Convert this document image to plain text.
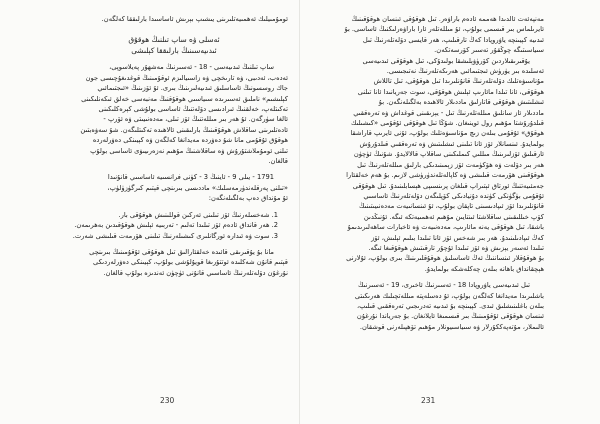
ئومۇمىيلىك ئەھمىيەتلىرىنى يىشىپ بېرىش ئاساسىدا بارلىققا كەلگەن.

ئەسلى ۋە ساپ تىلنىڭ ھوقۇق

ئىدىيەسىنىڭ بارلىققا كېلىشى

ساپ تىلنىڭ ئىدىيەسى - 18 - ئەسىرنىڭ مەشھۇر پەيلاسوپى،

ئەدەب، ئەدىبى، ۋە تارىخچى ۋە زاسىيالىزم ئوقۇمىنىڭ قوغدىغۇچىسى جون

جاك روسسونىڭ ئاساسلىق ئىدىيەلىرىنىڭ بىرى. ئۇ ئۆزىنىڭ «ئىجتىمائىي

كېلىشىم» ناملىق ئەسىرىدە سىياسىي ھوقۇقنىڭ مەنبەسى خەلق ئىكەنلىكىنى

تەكىتلەپ، خەلقنىڭ ئىرادىسى دۆلەتنىڭ ئاساسى بولۇشى كېرەكلىكىنى

ئالغا سۈرگەن. ئۇ ھەر بىر مىللەتنىڭ ئۆز تىلى، مەدەنىيىتى ۋە ئۆرپ -

ئادەتلىرىنى ساقلاش ھوقۇقىنىڭ بارلىقىنى ئالاھىدە تەكىتلىگەن. شۇ سەۋەبتىن

ھوقۇق ئۇقۇمى مانا شۇ دەۋردە مەيدانغا كەلگەن ۋە كېيىنكى دەۋرلەردە

تىلنى ئومۇملاشتۇرۇش ۋە ساقلاشنىڭ مۇھىم نەزەرىيىۋى ئاساسى بولۇپ

قالغان.

1791 - يىلى 9 - ئاينىڭ 3 - كۈنى فرانسىيە ئاساسىي قانۇنىدا

«تىلنى پەرقلەندۈرمەسلىك» ماددىسى بىرىنچى قېتىم كىرگۈزۈلۈپ،

ئۇ مۇنداق دەپ بەلگىلەنگەن:

1. شەخسلەرنىڭ ئۆز تىلىنى ئەركىن قوللىنىش ھوقۇقى بار.

2. ھەر قانداق ئادەم ئۆز تىلىدا تەلىم - تەربىيە ئېلىش ھوقۇقىدىن بەھرىمەن.

3. سوت ۋە ئىدارە ئورگانلىرى كىشىلەرنىڭ تىلىنى ھۆرمەت قىلىشى شەرت.

مانا بۇ يۇقىرىقى قائىدە خەلقئارالىق تىل ھوقۇقى ئۇقۇمىنىڭ بىرىنچى

قېتىم قانۇن شەكلىدە ئوتتۇرىغا قويۇلۇشى بولۇپ، كېيىنكى دەۋرلەردىكى

نۇرغۇن دۆلەتلەرنىڭ ئاساسىي قانۇنى ئۈچۈن ئەندىزە بولۇپ قالغان.

230

مەنپەئەت ئالدىدا ھەممە ئادەم باراۋەر. تىل ھوقۇقى ئىنسان ھوقۇقىنىڭ

ئايرىلماس بىر قىسمى بولۇپ، ئۇ مىللەتلەر ئارا باراۋەرلىكنىڭ ئاساسى. بۇ

ئىدىيە كېيىنچە ياۋروپادا كەڭ تارقىلىپ، ھەر قايسى دۆلەتلەرنىڭ تىل

سىياسىتىگە چوڭقۇر تەسىر كۆرسەتكەن.

يۇقىرىقىلاردىن كۆرۈۋېلىشقا بولىدۇكى، تىل ھوقۇقى ئىدىيەسى

ئەسلىدە بىر يۈرۈش ئىجتىمائىي ھەرىكەتلەرنىڭ نەتىجىسى.

مۇناسىۋەتلىك دۆلەتلەرنىڭ قانۇنلىرىدا تىل ھوقۇقى، تىل تاللاش

ھوقۇقى، ئانا تىلدا مائارىپ ئېلىش ھوقۇقى، سوت جەريانىدا ئانا تىلنى

ئىشلىتىش ھوقۇقى قاتارلىق ماددىلار ئالاھىدە بەلگىلەنگەن. بۇ

ماددىلار ئاز سانلىق مىللەتلەرنىڭ تىل - يېزىقىنى قوغداش ۋە تەرەققىي

قىلدۇرۇشتا مۇھىم رول ئوينىغان. شۇڭا تىل ھوقۇقى ئۇقۇمى «كىشىلىك

ھوقۇق» ئۇقۇمى بىلەن زىچ مۇناسىۋەتلىك بولۇپ، ئۇنى ئايرىپ قاراشقا

بولمايدۇ. ئىنسانلار ئۆز ئانا تىلىنى ئىشلىتىش ۋە تەرەققىي قىلدۇرۇش

ئارقىلىق ئۆزلىرىنىڭ مىللىي كىملىكىنى ساقلاپ قالالايدۇ. شۇنىڭ ئۈچۈن

ھەر بىر دۆلەت ۋە ھۆكۈمەت ئۆز زېمىنىدىكى بارلىق مىللەتلەرنىڭ تىل

ھوقۇقىنى ھۆرمەت قىلىشى ۋە كاپالەتلەندۈرۈشى لازىم. بۇ ھەم خەلقئارا

جەمئىيەتنىڭ ئورتاق ئېتىراپ قىلغان پرىنسىپى ھېسابلىنىدۇ. تىل ھوقۇقى

ئۇقۇمى بۈگۈنكى كۈندە دۇنيادىكى كۆپلىگەن دۆلەتلەرنىڭ ئاساسىي

قانۇنلىرىدا ئۆز ئىپادىسىنى تاپقان بولۇپ، ئۇ ئىنسانىيەت مەدەنىيىتىنىڭ

كۆپ خىللىقىنى ساقلاشتا ئىنتايىن مۇھىم ئەھمىيەتكە ئىگە. ئۇنىڭدىن

باشقا، تىل ھوقۇقى يەنە مائارىپ، مەدەنىيەت ۋە ئاخبارات ساھەلىرىدىمۇ

كەڭ ئىپادىلىنىدۇ. ھەر بىر شەخس ئۆز ئانا تىلىدا بىلىم ئېلىش، ئۆز

تىلىدا ئەسەر يېزىش ۋە ئۆز تىلىدا ئۇچۇر تارقىتىش ھوقۇقىغا ئىگە.

بۇ ھوقۇقلار ئىنساننىڭ ئەڭ ئاساسلىق ھوقۇقلىرىنىڭ بىرى بولۇپ، ئۇلارنى

ھېچقانداق باھانە بىلەن چەكلەشكە بولمايدۇ.

تىل ئىدىيەسى ياۋروپادا 18 - ئەسىرنىڭ ئاخىرى، 19 - ئەسىرنىڭ

باشلىرىدا مەيدانغا كەلگەن بولۇپ، ئۇ دەسلەپتە مىللەتچىلىك ھەرىكىتى

بىلەن باغلىنىشلىق ئىدى. كېيىنچە بۇ ئىدىيە تەدرىجىي تەرەققىي قىلىپ،

ئىنسان ھوقۇقى ئۇقۇمىنىڭ بىر قىسمىغا ئايلانغان. بۇ جەرياندا نۇرغۇن

ئالىملار، مۇتەپەككۇرلار ۋە سىياسىيونلار مۇھىم تۆھپىلەرنى قوشقان.

231
